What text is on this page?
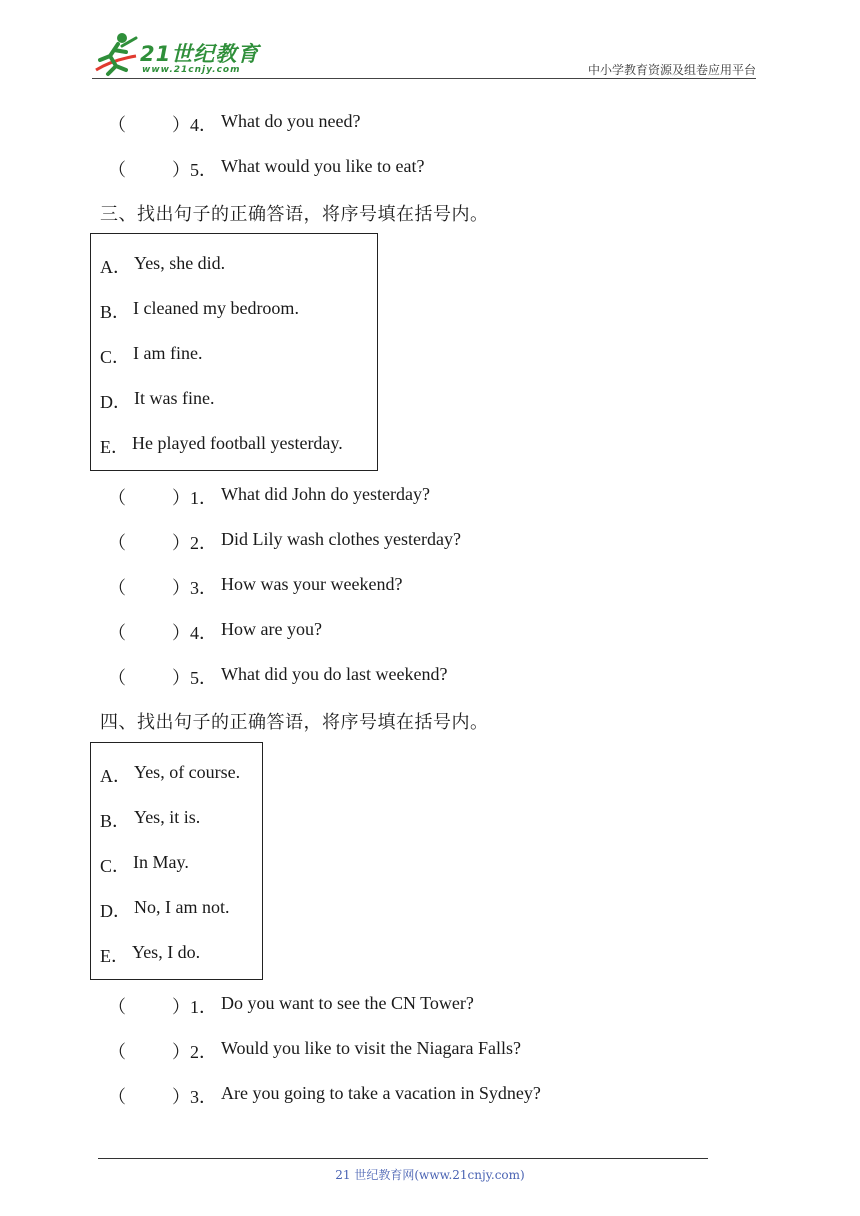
21世纪教育
www.21cnjy.com	中小学教育资源及组卷应用平台
（	） 4． What do you need?
（	） 5． What would you like to eat?
三、找出句子的正确答语，将序号填在括号内。
A． Yes, she did.
B． I cleaned my bedroom.
C． I am fine.
D． It was fine.
E． He played football yesterday.
（	） 1． What did John do yesterday?
（	） 2． Did Lily wash clothes yesterday?
（	） 3． How was your weekend?
（	） 4． How are you?
（	） 5． What did you do last weekend?
四、找出句子的正确答语，将序号填在括号内。
A． Yes, of course.
B． Yes, it is.
C． In May.
D． No, I am not.
E． Yes, I do.
（	） 1． Do you want to see the CN Tower?
（	） 2． Would you like to visit the Niagara Falls?
（	） 3． Are you going to take a vacation in Sydney?
21 世纪教育网(www.21cnjy.com)
